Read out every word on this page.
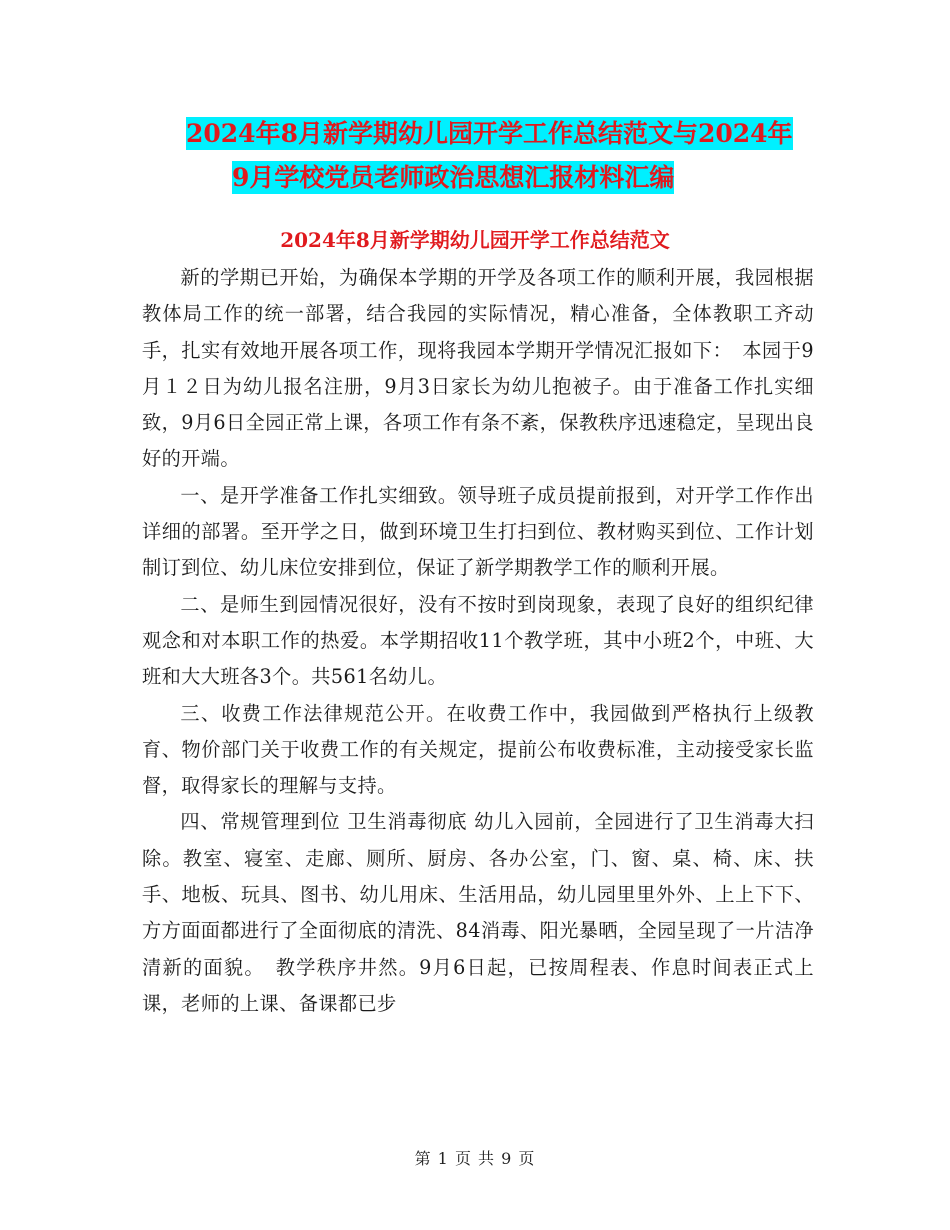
2024年8月新学期幼儿园开学工作总结范文与2024年
9月学校党员老师政治思想汇报材料汇编
2024年8月新学期幼儿园开学工作总结范文

新的学期已开始，为确保本学期的开学及各项工作的顺利开展，我园根据教体局工作的统一部署，结合我园的实际情况，精心准备，全体教职工齐动手，扎实有效地开展各项工作，现将我园本学期开学情况汇报如下：　本园于9月１２日为幼儿报名注册，9月3日家长为幼儿抱被子。由于准备工作扎实细致，9月6日全园正常上课，各项工作有条不紊，保教秩序迅速稳定，呈现出良好的开端。

一、是开学准备工作扎实细致。领导班子成员提前报到，对开学工作作出详细的部署。至开学之日，做到环境卫生打扫到位、教材购买到位、工作计划制订到位、幼儿床位安排到位，保证了新学期教学工作的顺利开展。

二、是师生到园情况很好，没有不按时到岗现象，表现了良好的组织纪律观念和对本职工作的热爱。本学期招收11个教学班，其中小班2个，中班、大班和大大班各3个。共561名幼儿。

三、收费工作法律规范公开。在收费工作中，我园做到严格执行上级教育、物价部门关于收费工作的有关规定，提前公布收费标准，主动接受家长监督，取得家长的理解与支持。

四、常规管理到位 卫生消毒彻底 幼儿入园前，全园进行了卫生消毒大扫除。教室、寝室、走廊、厕所、厨房、各办公室，门、窗、桌、椅、床、扶手、地板、玩具、图书、幼儿用床、生活用品，幼儿园里里外外、上上下下、方方面面都进行了全面彻底的清洗、84消毒、阳光暴晒，全园呈现了一片洁净清新的面貌。　教学秩序井然。9月6日起，已按周程表、作息时间表正式上课，老师的上课、备课都已步

第 1 页 共 9 页
